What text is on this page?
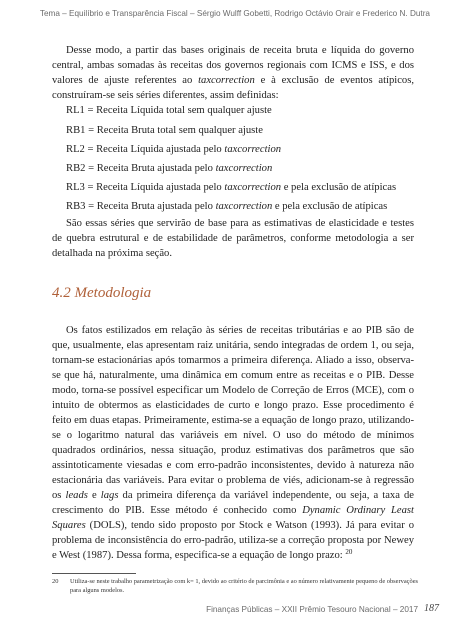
Tema – Equilíbrio e Transparência Fiscal – Sérgio Wulff Gobetti, Rodrigo Octávio Orair e Frederico N. Dutra

Desse modo, a partir das bases originais de receita bruta e líquida do governo central, ambas somadas às receitas dos governos regionais com ICMS e ISS, e dos valores de ajuste referentes ao taxcorrection e à exclusão de eventos atípicos, construíram-se seis séries diferentes, assim definidas:

RL1 = Receita Líquida total sem qualquer ajuste

RB1 = Receita Bruta total sem qualquer ajuste

RL2 = Receita Líquida ajustada pelo taxcorrection

RB2 = Receita Bruta ajustada pelo taxcorrection

RL3 = Receita Líquida ajustada pelo taxcorrection e pela exclusão de atípicas

RB3 = Receita Bruta ajustada pelo taxcorrection e pela exclusão de atípicas

São essas séries que servirão de base para as estimativas de elasticidade e testes de quebra estrutural e de estabilidade de parâmetros, conforme metodologia a ser detalhada na próxima seção.

4.2 Metodologia

Os fatos estilizados em relação às séries de receitas tributárias e ao PIB são de que, usualmente, elas apresentam raiz unitária, sendo integradas de ordem 1, ou seja, tornam-se estacionárias após tomarmos a primeira diferença. Aliado a isso, observa-se que há, naturalmente, uma dinâmica em comum entre as receitas e o PIB. Desse modo, torna-se possível especificar um Modelo de Correção de Erros (MCE), com o intuito de obtermos as elasticidades de curto e longo prazo. Esse procedimento é feito em duas etapas. Primeiramente, estima-se a equação de longo prazo, utilizando-se o logaritmo natural das variáveis em nível. O uso do método de mínimos quadrados ordinários, nessa situação, produz estimativas dos parâmetros que são assintoticamente viesadas e com erro-padrão inconsistentes, devido à natureza não estacionária das variáveis. Para evitar o problema de viés, adicionam-se à regressão os leads e lags da primeira diferença da variável independente, ou seja, a taxa de crescimento do PIB. Esse método é conhecido como Dynamic Ordinary Least Squares (DOLS), tendo sido proposto por Stock e Watson (1993). Já para evitar o problema de inconsistência do erro-padrão, utiliza-se a correção proposta por Newey e West (1987). Dessa forma, especifica-se a equação de longo prazo: $^{20}$

20 Utiliza-se neste trabalho parametrização com k= 1, devido ao critério de parcimônia e ao número relativamente pequeno de observações para alguns modelos.
Finanças Públicas – XXII Prêmio Tesouro Nacional – 2017 187
